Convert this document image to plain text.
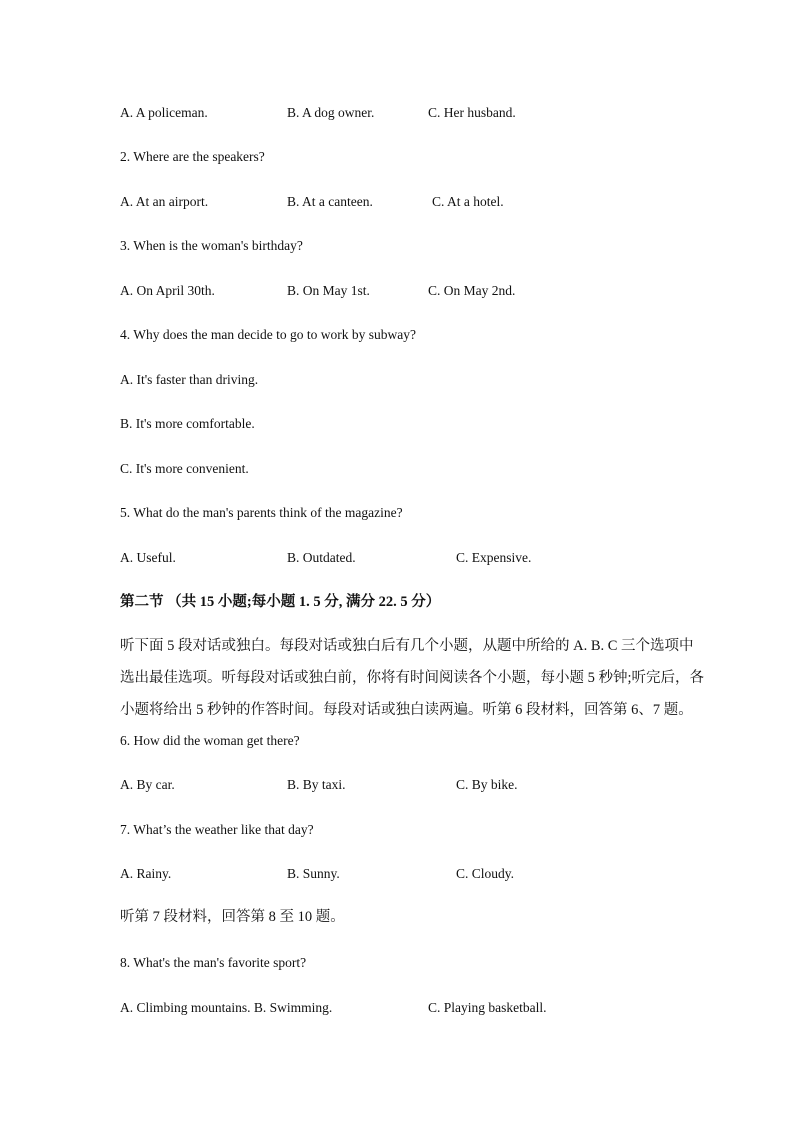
A. A policeman.	B. A dog owner.	C. Her husband.
2. Where are the speakers?
A. At an airport.	B. At a canteen.	C. At a hotel.
3. When is the woman's birthday?
A. On April 30th.	B. On May 1st.	C. On May 2nd.
4. Why does the man decide to go to work by subway?
A. It's faster than driving.
B. It's more comfortable.
C. It's more convenient.
5. What do the man's parents think of the magazine?
A. Useful.	B. Outdated.	C. Expensive.
第二节 （共 15 小题;每小题 1. 5 分, 满分 22. 5 分）
听下面 5 段对话或独白。每段对话或独白后有几个小题，从题中所给的 A. B. C 三个选项中
选出最佳选项。听每段对话或独白前，你将有时间阅读各个小题，每小题 5 秒钟;听完后，各
小题将给出 5 秒钟的作答时间。每段对话或独白读两遍。听第 6 段材料，回答第 6、7 题。
6. How did the woman get there?
A. By car.	B. By taxi.	C. By bike.
7. What’s the weather like that day?
A. Rainy.	B. Sunny.	C. Cloudy.
听第 7 段材料，回答第 8 至 10 题。
8. What's the man's favorite sport?
A. Climbing mountains. B. Swimming.	C. Playing basketball.
